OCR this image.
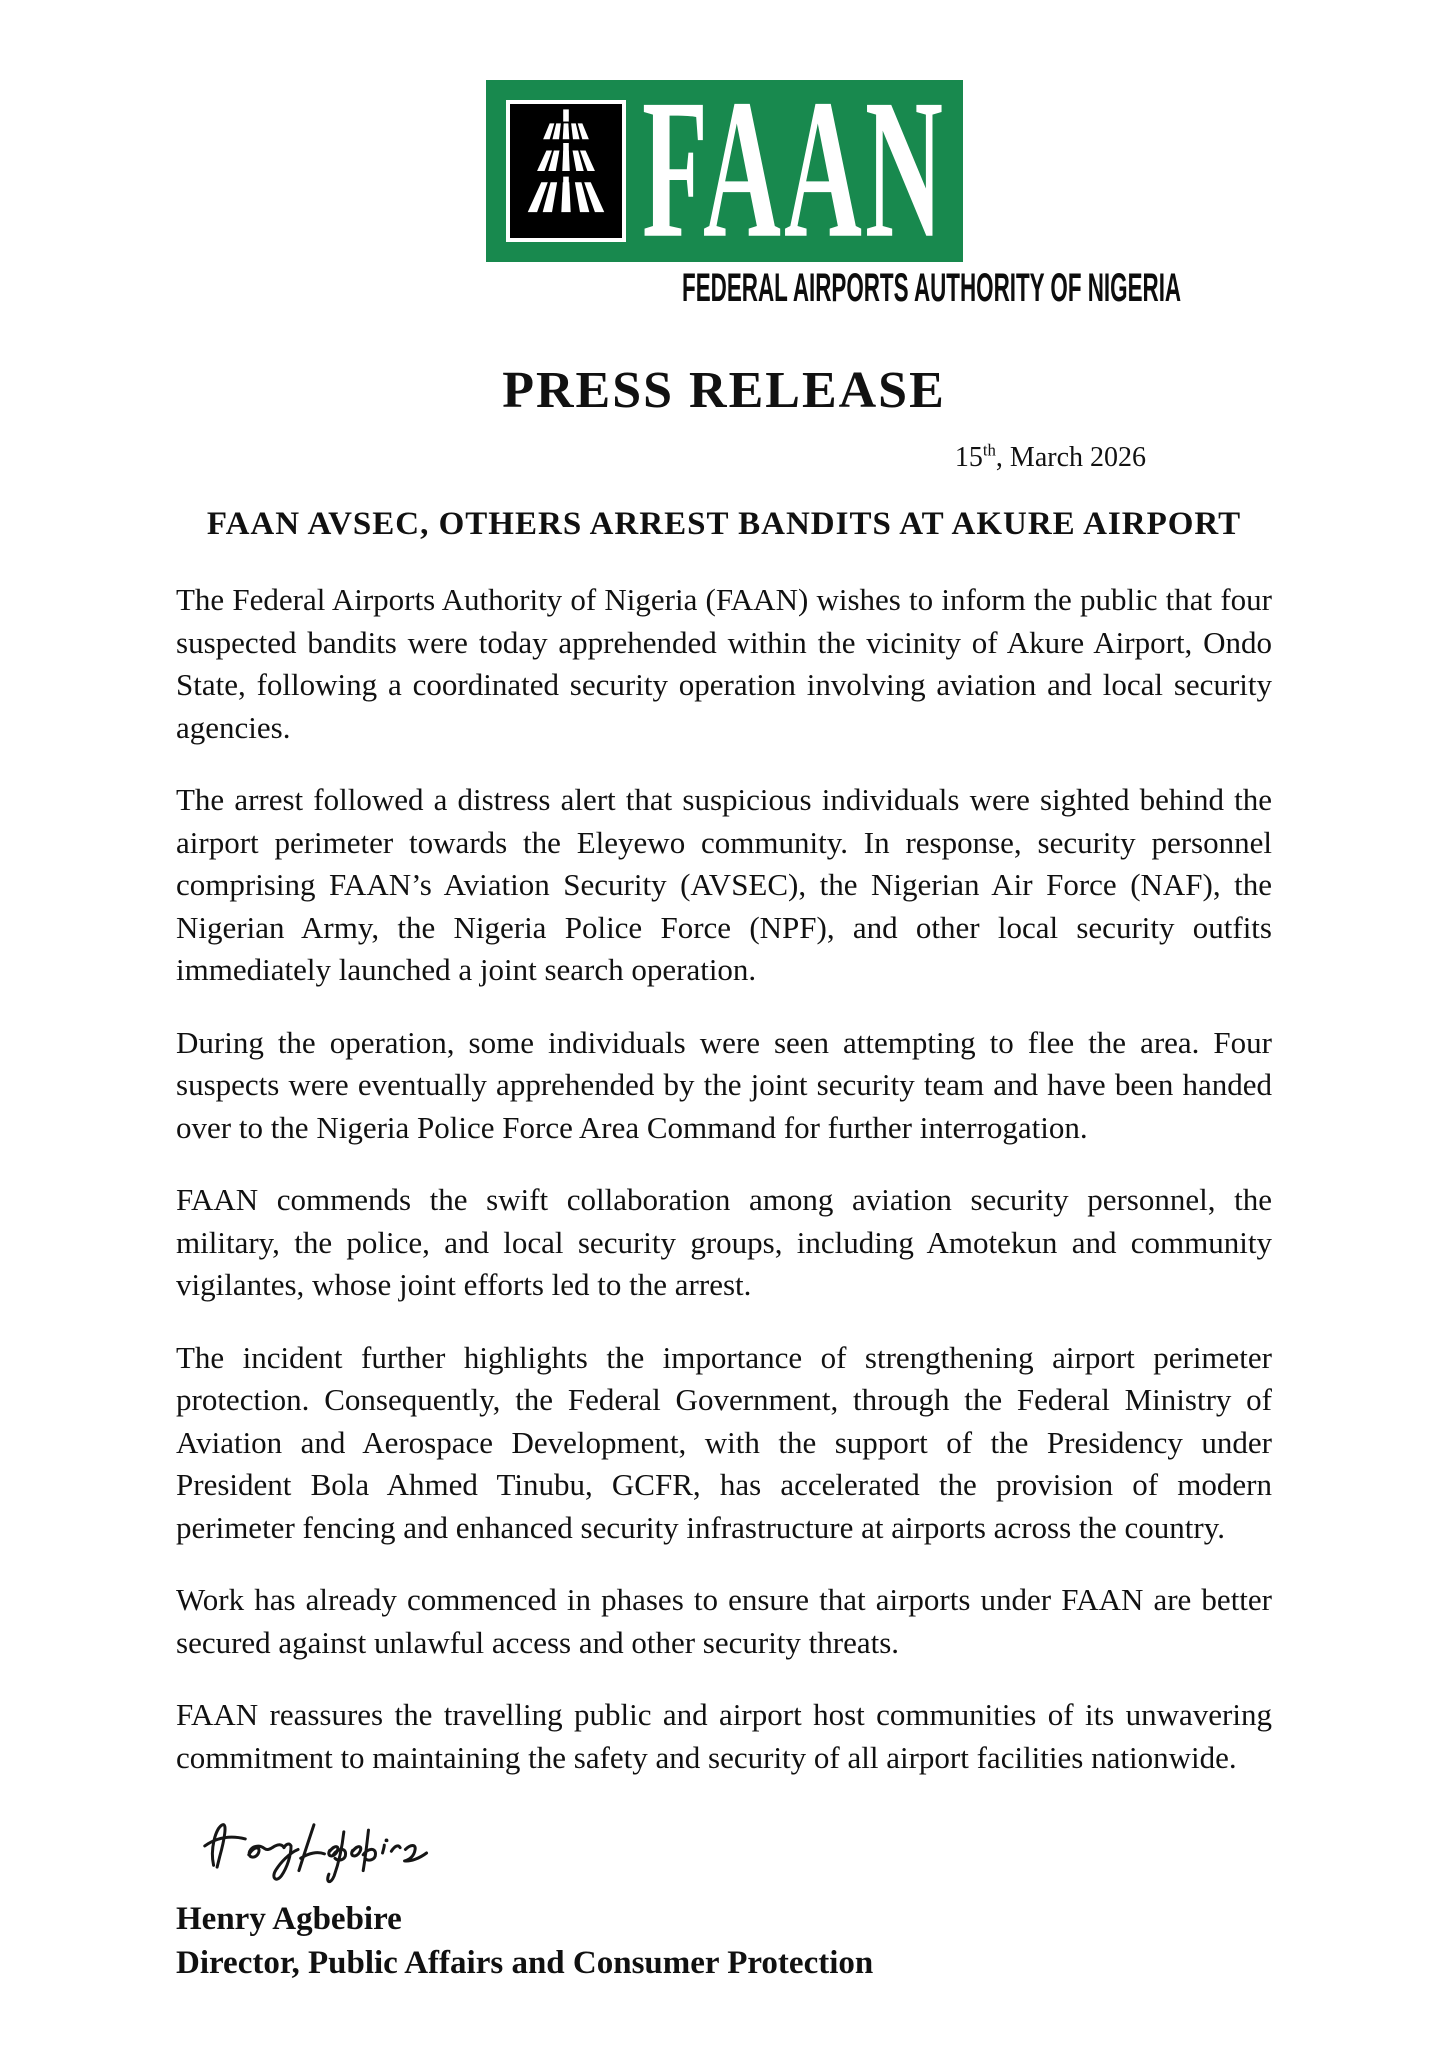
FAAN
FEDERAL AIRPORTS AUTHORITY OF NIGERIA
PRESS RELEASE
15th, March 2026
FAAN AVSEC, OTHERS ARREST BANDITS AT AKURE AIRPORT

The Federal Airports Authority of Nigeria (FAAN) wishes to inform the public that four suspected bandits were today apprehended within the vicinity of Akure Airport, Ondo State, following a coordinated security operation involving aviation and local security agencies.

The arrest followed a distress alert that suspicious individuals were sighted behind the airport perimeter towards the Eleyewo community. In response, security personnel comprising FAAN’s Aviation Security (AVSEC), the Nigerian Air Force (NAF), the Nigerian Army, the Nigeria Police Force (NPF), and other local security outfits immediately launched a joint search operation.

During the operation, some individuals were seen attempting to flee the area. Four suspects were eventually apprehended by the joint security team and have been handed over to the Nigeria Police Force Area Command for further interrogation.

FAAN commends the swift collaboration among aviation security personnel, the military, the police, and local security groups, including Amotekun and community vigilantes, whose joint efforts led to the arrest.

The incident further highlights the importance of strengthening airport perimeter protection. Consequently, the Federal Government, through the Federal Ministry of Aviation and Aerospace Development, with the support of the Presidency under President Bola Ahmed Tinubu, GCFR, has accelerated the provision of modern perimeter fencing and enhanced security infrastructure at airports across the country.

Work has already commenced in phases to ensure that airports under FAAN are better secured against unlawful access and other security threats.

FAAN reassures the travelling public and airport host communities of its unwavering commitment to maintaining the safety and security of all airport facilities nationwide.

Henry Agbebire
Director, Public Affairs and Consumer Protection
